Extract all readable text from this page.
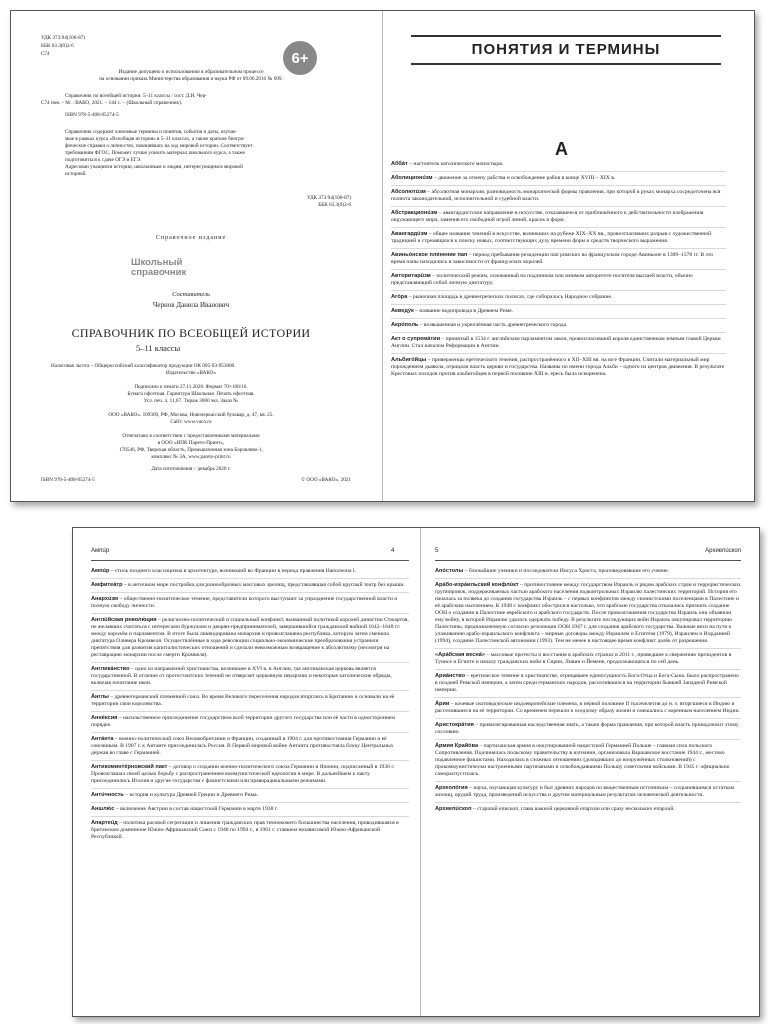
УДК 373:94(100-87)
ББК 63.3(0)2-6
С74	6+
Издание допущено к использованию в образовательном процессе
на основании приказа Министерства образования и науки РФ от 09.06.2016 № 699.
Справочник по всеобщей истории. 5–11 классы / сост. Д.И. Чер-
С74 нов. – М. : ВАКО, 2021. – 144 с. – (Школьный справочник).
ISBN 978-5-408-05274-5
Справочник содержит ключевые термины и понятия, события и даты, изучае-
мые в рамках курса «Всеобщая история» в 5–11 классах, а также краткие биогра-
фические справки о личностях, повлиявших на ход мировой истории. Соответствует
требованиям ФГОС. Поможет лучше усвоить материал школьного курса, а также
подготовиться к сдаче ОГЭ и ЕГЭ.
Адресован учащимся истории, школьникам и людям, интересующимся мировой
историей.
УДК 373:94(100-87)
ББК 63.3(0)2-6
Справочное издание
Школьный
справочник
Составитель
Чернов Данила Иванович
СПРАВОЧНИК ПО ВСЕОБЩЕЙ ИСТОРИИ
5–11 классы
Налоговая льгота – Общероссийский классификатор продукции ОК 005-93-953000.
Издательство «ВАКО»
Подписано к печати 27.11.2020. Формат 70×100/16.
Бумага офсетная. Гарнитура Школьная. Печать офсетная.
Усл. печ. л. 11,67. Тираж 3000 экз. Заказ №
ООО «ВАКО». 109369, РФ, Москва, Новочеркасский бульвар, д. 47, кв. 25.
Сайт: www.vaco.ru
Отпечатано в соответствии с предоставленными материалами
в ООО «ИПК Парето-Принт»,
170546, РФ, Тверская область, Промышленная зона Боровлево-1,
комплекс № 3А, www.pareto-print.ru
Дата изготовления – декабрь 2020 г.
ISBN 978-5-408-05274-5	© ООО «ВАКО», 2021
ПОНЯТИЯ И ТЕРМИНЫ
А
Аббáт – настоятель католического монастыря.
Аболиционúзм – движение за отмену рабства и освобождение рабов в конце XVIII – XIX в.
Абсолютúзм – абсолютная монархия, разновидность монархической формы правления, при которой в руках монарха сосредоточена вся полнота законодательной, исполнительной и судебной власти.
Абстракционúзм – авангардистское направление в искусстве, отказавшееся от приближённого к действительности изображения окружающего мира, заменив его свободной игрой линий, красок и форм.
Авангардúзм – общее название течений в искусстве, возникших на рубеже XIX–XX вв., провозгласивших разрыв с художественной традицией и стремящихся к поиску новых, соответствующих духу времени форм и средств творческого выражения.
Авиньóнское плéнение пап – период пребывания резиденции пап римских во французском городе Авиньоне в 1309–1378 гг. В это время папы находились в зависимости от французских королей.
Авторитарúзм – политический режим, основанный на подлинном или мнимом авторитете носителя высшей власти, обычно представляющий собой личную диктатуру.
Агóра – рыночная площадь в древнегреческих полисах, где собиралось Народное собрание.
Акведýк – название водопровода в Древнем Риме.
Акрóполь – возвышенная и укреплённая часть древнегреческого города.
Акт о супремáтии – принятый в 1534 г. английским парламентом закон, провозгласивший короля единственным земным главой Церкви Англии. Стал началом Реформации в Англии.
Альбигóйцы – приверженцы еретического течения, распространённого в XII–XIII вв. на юге Франции. Считали материальный мир порождением дьявола, отрицали власть церкви и государства. Названы по имени города Альби – одного из центров движения. В результате Крестовых походов против альбигойцев в первой половине XIII в. ересь была искоренена.
Ампúр	4	5	Архиепúскоп
Ампúр – стиль позднего классицизма в архитектуре, возникший во Франции в период правления Наполеона I.
Амфитеáтр – в античном мире постройка для разнообразных массовых зрелищ, представлявшая собой круглый театр без крыши.
Анархúзм – общественно-политическое течение, представители которого выступают за упразднение государственной власти и полную свободу личности.
Англúйская револю́ция – религиозно-политический и социальный конфликт, вызванный политикой королей династии Стюартов, не желавших считаться с интересами буржуазии и дворян-предпринимателей, завершившийся гражданской войной 1642–1648 гг. между королём и парламентом. В итоге была ликвидирована монархия и провозглашена республика, которую затем сменила диктатура Оливера Кромвеля. Осуществлённые в ходе революции социально-экономические преобразования устранили препятствия для развития капиталистических отношений и сделали невозможным возвращение к абсолютизму (несмотря на реставрацию монархии после смерти Кромвеля).
Англикáнство – одно из направлений христианства, возникшее в XVI в. в Англии, где англиканская церковь является государственной. В отличие от протестантских течений не отвергает церковную иерархию и некоторые католические обряды, включая почитание икон.
Áнглы – древнегерманский племенной союз. Во время Великого переселения народов вторглись в Британию и основали на её территории свои королевства.
Аннéксия – насильственное присоединение государством всей территории другого государства или её части в одностороннем порядке.
Антáнта – военно-политический союз Великобритании и Франции, созданный в 1904 г. для противостояния Германии и её союзникам. В 1907 г. к Антанте присоединилась Россия. В Первой мировой войне Антанта противостояла блоку Центральных держав во главе с Германией.
Антикоминтéрновский пакт – договор о создании военно-политического союза Германии и Японии, подписанный в 1936 г. Провозглашал своей целью борьбу с распространением коммунистической идеологии в мире. В дальнейшем к пакту присоединились Италия и другие государства с фашистскими или праворадикальными режимами.
Антúчность – история и культура Древней Греции и Древнего Рима.
Аншлю́с – включение Австрии в состав нацистской Германии в марте 1938 г.
Апартеúд – политика расовой сегрегации и лишения гражданских прав темнокожего большинства населения, проводившаяся в британском доминионе Южно-Африканский Союз с 1948 по 1994 г., в 1961 г. ставшем независимой Южно-Африканской Республикой.
Апóстолы – ближайшие ученики и последователи Иисуса Христа, проповедовавшие его учение.
Арáбо-изрáильский конфлúкт – противостояние между государством Израиль и рядом арабских стран и террористических группировок, поддерживаемых частью арабского населения подконтрольных Израилю палестинских территорий. История его началась за полвека до создания государства Израиль – с первых конфликтов между сионистскими поселенцами в Палестине и её арабским населением. К 1948 г. конфликт обострился настолько, что арабские государства отказались признать создание ООН о создании в Палестине еврейского и арабского государств. После провозглашения государства Израиль они объявили ему войну, в которой Израилю удалось одержать победу. В результате последующих войн Израиль оккупировал территорию Палестины, предназначенную согласно резолюции ООН 1947 г. для создания арабского государства. Важные вехи на пути к улаживанию арабо-израильского конфликта – мирные договоры между Израилем и Египтом (1979), Израилем и Иорданией (1994), создание Палестинской автономии (1993). Тем не менее в настоящее время конфликт далёк от разрешения.
«Арáбская веснá» – массовые протесты и восстания в арабских странах в 2011 г., приведшие к свержению президентов в Тунисе и Египте и началу гражданских войн в Сирии, Ливии и Йемене, продолжающихся по сей день.
Ариáнство – еретическое течение в христианстве, отрицавшее единосущность Бога-Отца и Бога-Сына. Было распространено в поздней Римской империи, а затем среди германских народов, расселившихся на территории бывшей Западной Римской империи.
Áрии – кочевые скотоводческие индоевропейские племена, в первой половине II тысячелетия до н. э. вторгшиеся в Индию и расселившиеся на её территории. Со временем перешли к оседлому образу жизни и смешались с коренным населением Индии.
Аристокрáтия – привилегированная наследственная знать, а также форма правления, при которой власть принадлежит этому сословию.
Áрмия Крайóва – партизанская армия в оккупированной нацистской Германией Польше – главная сила польского Сопротивления. Подчинялась польскому правительству в изгнании, организовала Варшавское восстание 1944 г., жестоко подавленное фашистами. Находилась в сложных отношениях (доходивших до вооружённых столкновений) с прокоммунистически настроенными партизанами и освобождавшими Польшу советскими войсками. В 1945 г. официально самораспустилась.
Археолóгия – наука, изучающая культуру и быт древних народов по вещественным источникам – сохранившимся остаткам жилищ, орудий труда, произведений искусства и другим материальным результатам человеческой деятельности.
Архиепúскоп – старший епископ, глава важной церковной епархии или сразу нескольких епархий.
